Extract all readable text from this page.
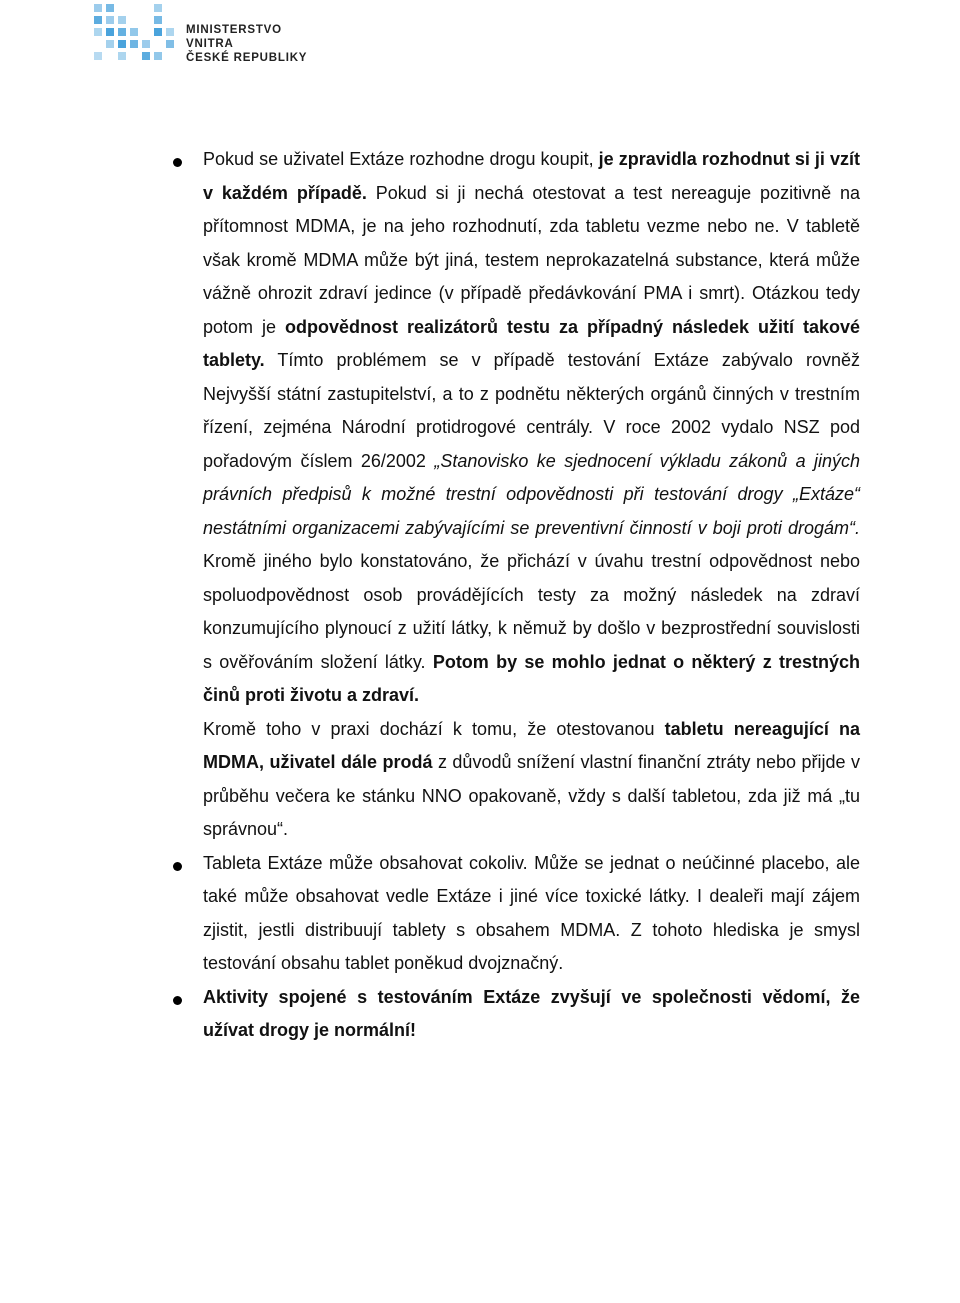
MINISTERSTVO VNITRA
ČESKÉ REPUBLIKY

Pokud se uživatel Extáze rozhodne drogu koupit, je zpravidla rozhodnut si ji vzít v každém případě. Pokud si ji nechá otestovat a test nereaguje pozitivně na přítomnost MDMA, je na jeho rozhodnutí, zda tabletu vezme nebo ne. V tabletě však kromě MDMA může být jiná, testem neprokazatelná substance, která může vážně ohrozit zdraví jedince (v případě předávkování PMA i smrt). Otázkou tedy potom je odpovědnost realizátorů testu za případný následek užití takové tablety. Tímto problémem se v případě testování Extáze zabývalo rovněž Nejvyšší státní zastupitelství, a to z podnětu některých orgánů činných v trestním řízení, zejména Národní protidrogové centrály. V roce 2002 vydalo NSZ pod pořadovým číslem 26/2002 „Stanovisko ke sjednocení výkladu zákonů a jiných právních předpisů k možné trestní odpovědnosti při testování drogy „Extáze“ nestátními organizacemi zabývajícími se preventivní činností v boji proti drogám“. Kromě jiného bylo konstatováno, že přichází v úvahu trestní odpovědnost nebo spoluodpovědnost osob provádějících testy za možný následek na zdraví konzumujícího plynoucí z užití látky, k němuž by došlo v bezprostřední souvislosti s ověřováním složení látky. Potom by se mohlo jednat o některý z trestných činů proti životu a zdraví.

Kromě toho v praxi dochází k tomu, že otestovanou tabletu nereagující na MDMA, uživatel dále prodá z důvodů snížení vlastní finanční ztráty nebo přijde v průběhu večera ke stánku NNO opakovaně, vždy s další tabletou, zda již má „tu správnou“.

Tableta Extáze může obsahovat cokoliv. Může se jednat o neúčinné placebo, ale také může obsahovat vedle Extáze i jiné více toxické látky. I dealeři mají zájem zjistit, jestli distribuují tablety s obsahem MDMA. Z tohoto hlediska je smysl testování obsahu tablet poněkud dvojznačný.

Aktivity spojené s testováním Extáze zvyšují ve společnosti vědomí, že užívat drogy je normální!
